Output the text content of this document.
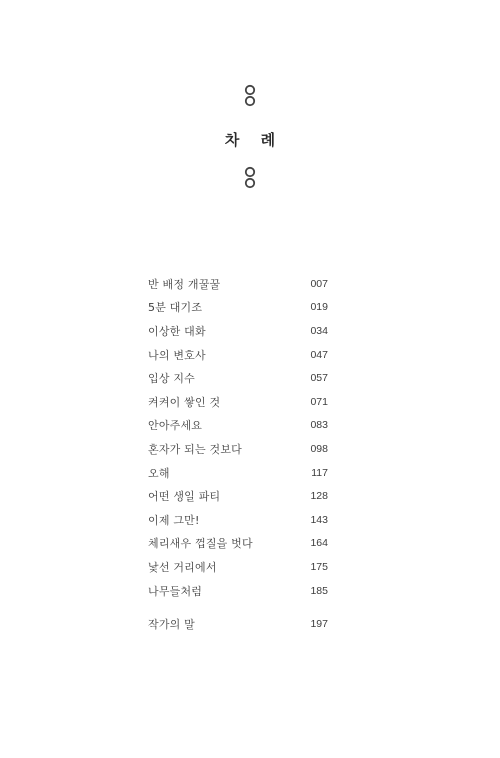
차 례
반 배정 개꿀꿀	007
5분 대기조	019
이상한 대화	034
나의 변호사	047
입상 지수	057
켜켜이 쌓인 것	071
안아주세요	083
혼자가 되는 것보다	098
오해	117
어떤 생일 파티	128
이제 그만!	143
체리새우 껍질을 벗다	164
낯선 거리에서	175
나무들처럼	185
작가의 말	197
